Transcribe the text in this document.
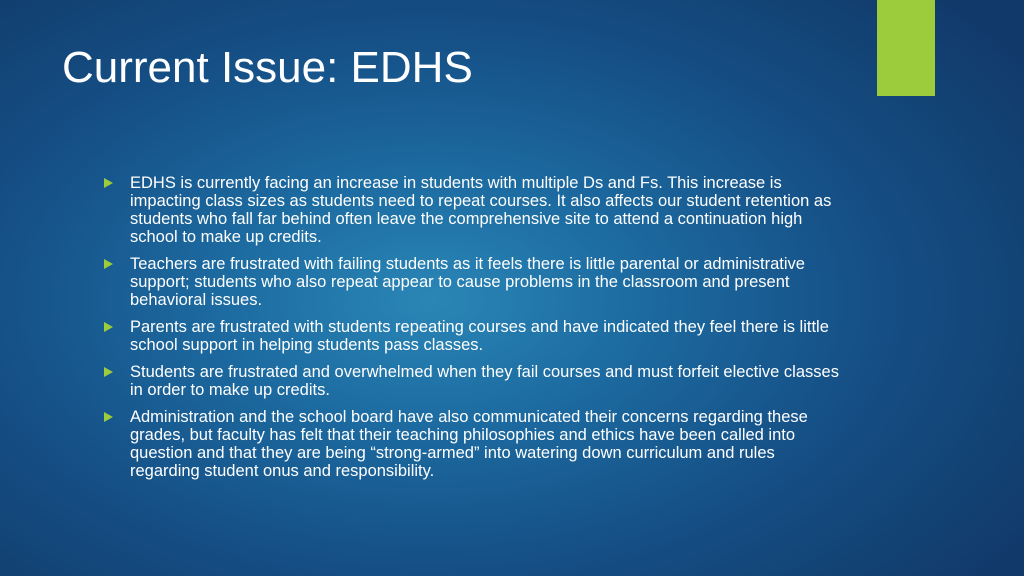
Current Issue: EDHS
EDHS is currently facing an increase in students with multiple Ds and Fs. This increase is impacting class sizes as students need to repeat courses. It also affects our student retention as students who fall far behind often leave the comprehensive site to attend a continuation high school to make up credits.
Teachers are frustrated with failing students as it feels there is little parental or administrative support; students who also repeat appear to cause problems in the classroom and present behavioral issues.
Parents are frustrated with students repeating courses and have indicated they feel there is little school support in helping students pass classes.
Students are frustrated and overwhelmed when they fail courses and must forfeit elective classes in order to make up credits.
Administration and the school board have also communicated their concerns regarding these grades, but faculty has felt that their teaching philosophies and ethics have been called into question and that they are being “strong-armed” into watering down curriculum and rules regarding student onus and responsibility.
